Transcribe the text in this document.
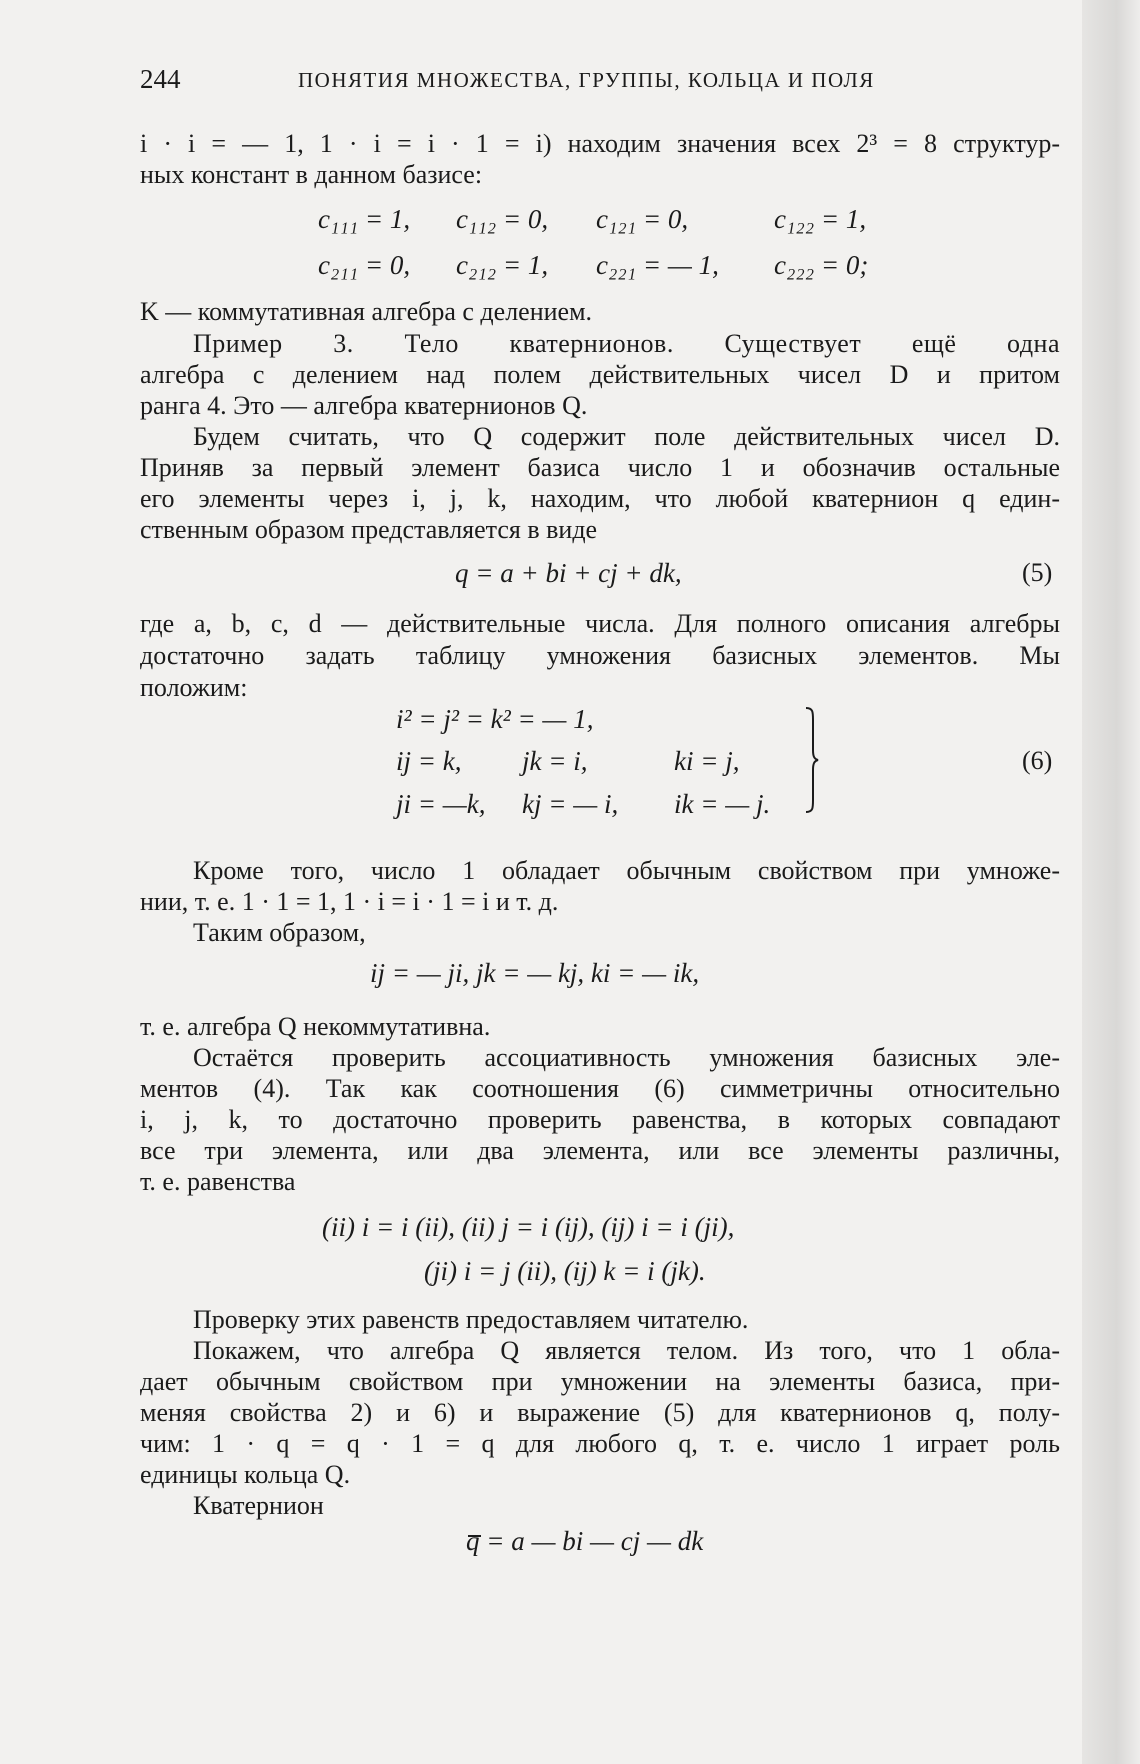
244	ПОНЯТИЯ МНОЖЕСТВА, ГРУППЫ, КОЛЬЦА И ПОЛЯ
i · i = — 1, 1 · i = i · 1 = i) находим значения всех 2³ = 8 структур-
ных констант в данном базисе:
c₁₁₁ = 1, c₁₁₂ = 0, c₁₂₁ = 0,	c₁₂₂ = 1,
c₂₁₁ = 0, c₂₁₂ = 1, c₂₂₁ = — 1, c₂₂₂ = 0;
K — коммутативная алгебра с делением.
Пример 3. Тело кватернионов. Существует ещё одна
алгебра с делением над полем действительных чисел D и притом
ранга 4. Это — алгебра кватернионов Q.
Будем считать, что Q содержит поле действительных чисел D.
Приняв за первый элемент базиса число 1 и обозначив остальные
его элементы через i, j, k, находим, что любой кватернион q един-
ственным образом представляется в виде
q = a + bi + cj + dk,	(5)
где a, b, c, d — действительные числа. Для полного описания алгебры
достаточно задать таблицу умножения базисных элементов. Мы
положим:
i² = j² = k² = — 1,
ij = k, jk = i,	ki = j,
ji = —k, kj = — i, ik = — j.
(6)
Кроме того, число 1 обладает обычным свойством при умноже-
нии, т. е. 1 · 1 = 1, 1 · i = i · 1 = i и т. д.
Таким образом,
ij = — ji, jk = — kj, ki = — ik,
т. е. алгебра Q некоммутативна.
Остаётся проверить ассоциативность умножения базисных эле-
ментов (4). Так как соотношения (6) симметричны относительно
i, j, k, то достаточно проверить равенства, в которых совпадают
все три элемента, или два элемента, или все элементы различны,
т. е. равенства
(ii) i = i (ii), (ii) j = i (ij), (ij) i = i (ji),
(ji) i = j (ii), (ij) k = i (jk).
Проверку этих равенств предоставляем читателю.
Покажем, что алгебра Q является телом. Из того, что 1 обла-
дает обычным свойством при умножении на элементы базиса, при-
меняя свойства 2) и 6) и выражение (5) для кватернионов q, полу-
чим: 1 · q = q · 1 = q для любого q, т. е. число 1 играет роль
единицы кольца Q.
Кватернион
q = a — bi — cj — dk
